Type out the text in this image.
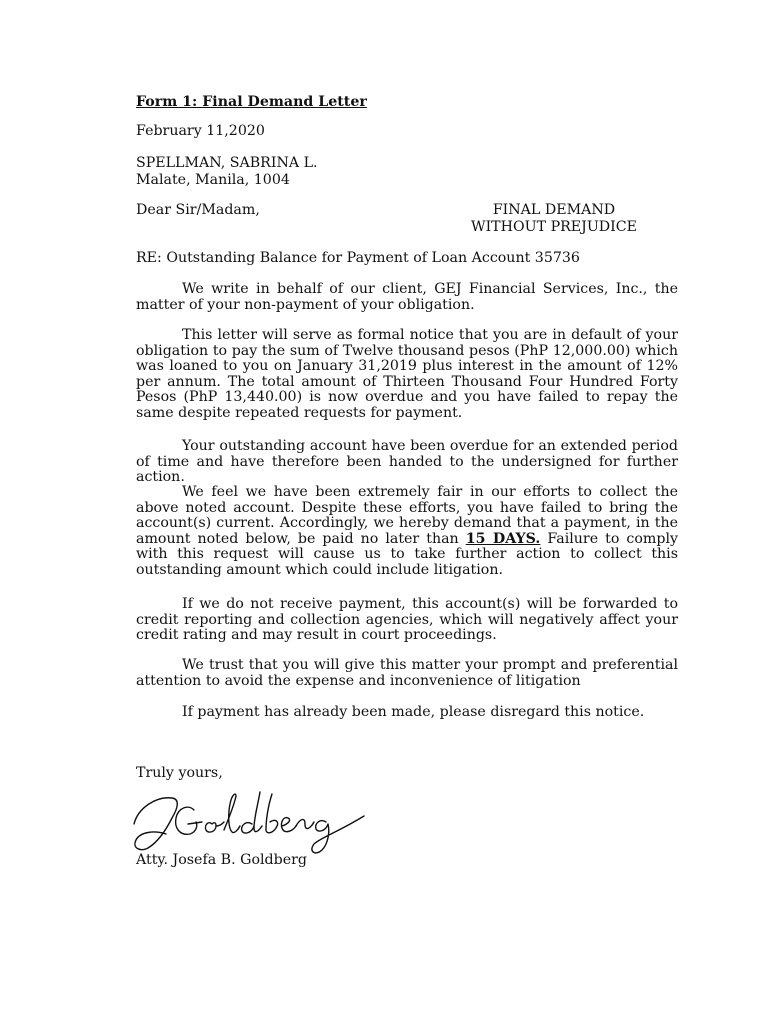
Form 1: Final Demand Letter

February 11,2020

SPELLMAN, SABRINA L.

Malate, Manila, 1004

Dear Sir/Madam,	FINAL DEMAND
WITHOUT PREJUDICE

RE: Outstanding Balance for Payment of Loan Account 35736

We write in behalf of our client, GEJ Financial Services, Inc., the matter of your non-payment of your obligation.

This letter will serve as formal notice that you are in default of your obligation to pay the sum of Twelve thousand pesos (PhP 12,000.00) which was loaned to you on January 31,2019 plus interest in the amount of 12% per annum. The total amount of Thirteen Thousand Four Hundred Forty Pesos (PhP 13,440.00) is now overdue and you have failed to repay the same despite repeated requests for payment.

Your outstanding account have been overdue for an extended period of time and have therefore been handed to the undersigned for further action.

We feel we have been extremely fair in our efforts to collect the above noted account. Despite these efforts, you have failed to bring the account(s) current. Accordingly, we hereby demand that a payment, in the amount noted below, be paid no later than 15 DAYS. Failure to comply with this request will cause us to take further action to collect this outstanding amount which could include litigation.

If we do not receive payment, this account(s) will be forwarded to credit reporting and collection agencies, which will negatively affect your credit rating and may result in court proceedings.

We trust that you will give this matter your prompt and preferential attention to avoid the expense and inconvenience of litigation

If payment has already been made, please disregard this notice.

Truly yours,

Atty. Josefa B. Goldberg
